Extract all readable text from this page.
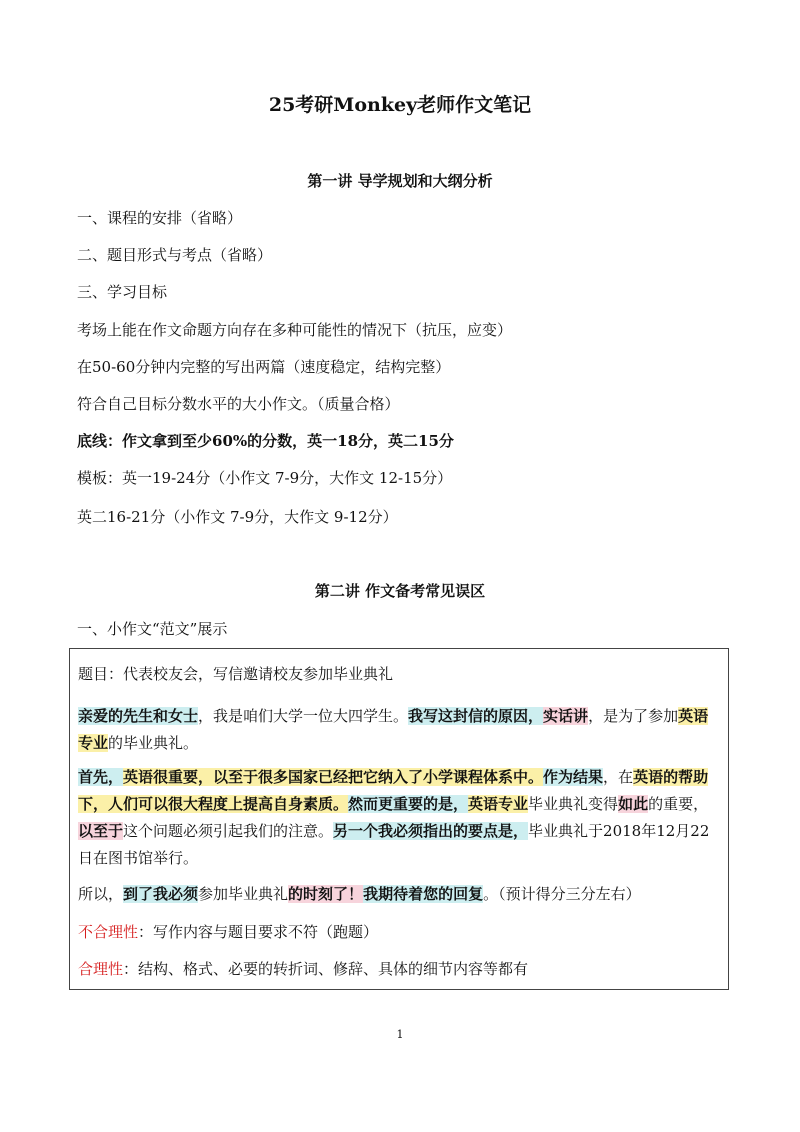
25考研Monkey老师作文笔记
第一讲 导学规划和大纲分析
一、课程的安排（省略）
二、题目形式与考点（省略）
三、学习目标
考场上能在作文命题方向存在多种可能性的情况下（抗压，应变）
在50-60分钟内完整的写出两篇（速度稳定，结构完整）
符合自己目标分数水平的大小作文。（质量合格）
底线：作文拿到至少60%的分数，英一18分，英二15分
模板：英一19-24分（小作文 7-9分，大作文 12-15分）
英二16-21分（小作文 7-9分，大作文 9-12分）
第二讲 作文备考常见误区
一、小作文“范文”展示

题目：代表校友会，写信邀请校友参加毕业典礼

亲爱的先生和女士，我是咱们大学一位大四学生。我写这封信的原因，实话讲，是为了参加英语专业的毕业典礼。

首先，英语很重要，以至于很多国家已经把它纳入了小学课程体系中。作为结果，在英语的帮助下，人们可以很大程度上提高自身素质。然而更重要的是，英语专业毕业典礼变得如此的重要，以至于这个问题必须引起我们的注意。另一个我必须指出的要点是，毕业典礼于2018年12月22日在图书馆举行。

所以，到了我必须参加毕业典礼的时刻了！我期待着您的回复。（预计得分三分左右）

不合理性：写作内容与题目要求不符（跑题）

合理性：结构、格式、必要的转折词、修辞、具体的细节内容等都有

1
